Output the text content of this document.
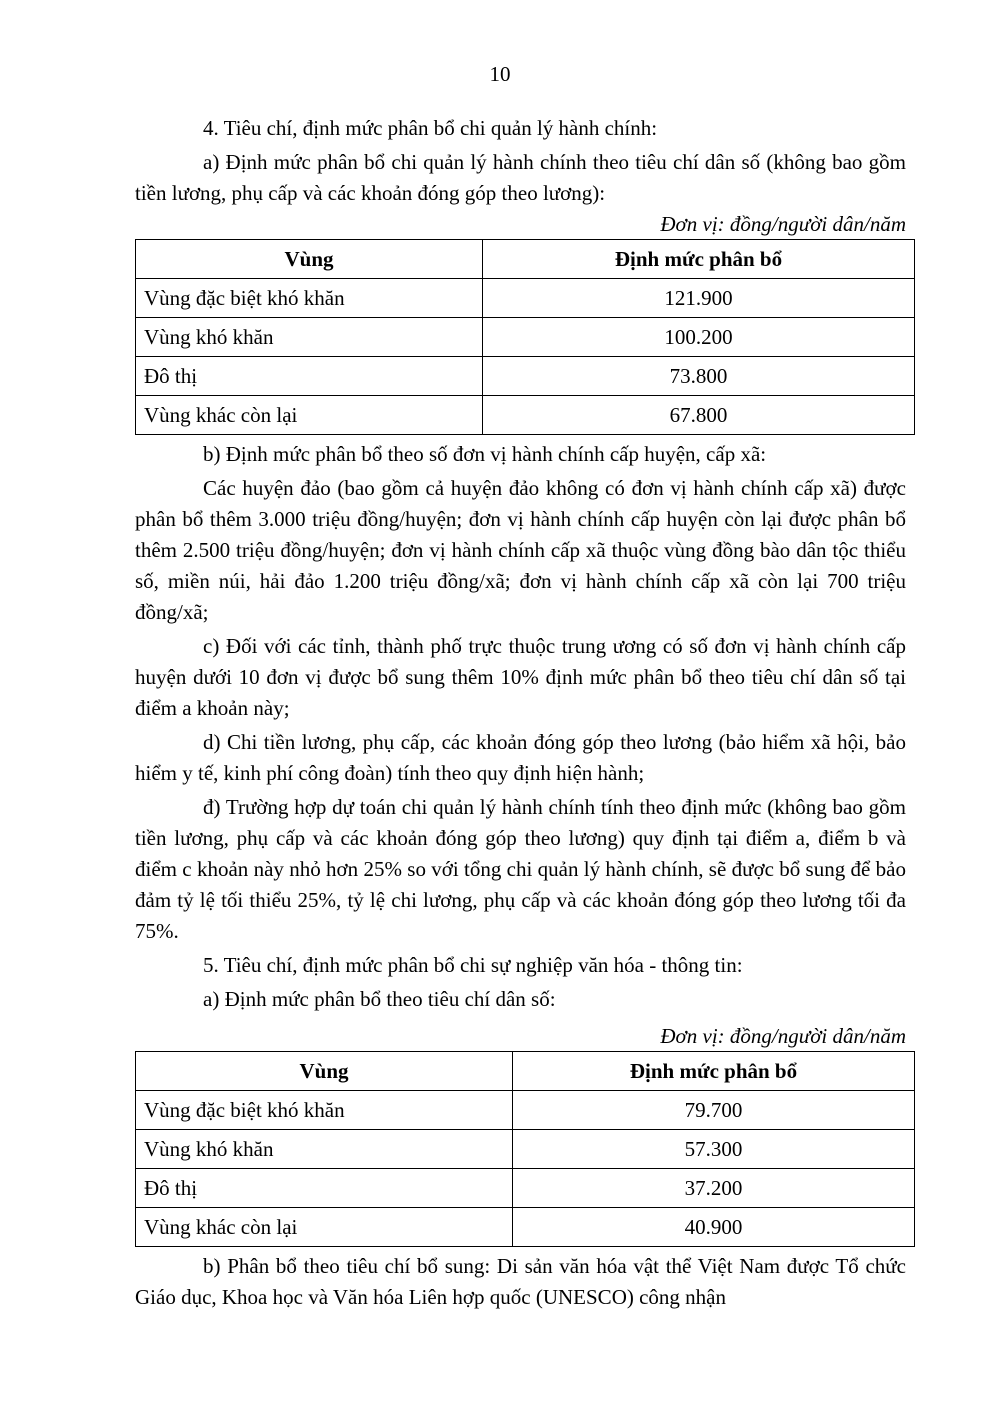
10

4. Tiêu chí, định mức phân bổ chi quản lý hành chính:

a) Định mức phân bổ chi quản lý hành chính theo tiêu chí dân số (không bao gồm tiền lương, phụ cấp và các khoản đóng góp theo lương):

Đơn vị: đồng/người dân/năm
Vùng	Định mức phân bổ
Vùng đặc biệt khó khăn	121.900
Vùng khó khăn	100.200
Đô thị	73.800
Vùng khác còn lại	67.800

b) Định mức phân bổ theo số đơn vị hành chính cấp huyện, cấp xã:

Các huyện đảo (bao gồm cả huyện đảo không có đơn vị hành chính cấp xã) được phân bổ thêm 3.000 triệu đồng/huyện; đơn vị hành chính cấp huyện còn lại được phân bổ thêm 2.500 triệu đồng/huyện; đơn vị hành chính cấp xã thuộc vùng đồng bào dân tộc thiểu số, miền núi, hải đảo 1.200 triệu đồng/xã; đơn vị hành chính cấp xã còn lại 700 triệu đồng/xã;

c) Đối với các tỉnh, thành phố trực thuộc trung ương có số đơn vị hành chính cấp huyện dưới 10 đơn vị được bổ sung thêm 10% định mức phân bổ theo tiêu chí dân số tại điểm a khoản này;

d) Chi tiền lương, phụ cấp, các khoản đóng góp theo lương (bảo hiểm xã hội, bảo hiểm y tế, kinh phí công đoàn) tính theo quy định hiện hành;

đ) Trường hợp dự toán chi quản lý hành chính tính theo định mức (không bao gồm tiền lương, phụ cấp và các khoản đóng góp theo lương) quy định tại điểm a, điểm b và điểm c khoản này nhỏ hơn 25% so với tổng chi quản lý hành chính, sẽ được bổ sung để bảo đảm tỷ lệ tối thiểu 25%, tỷ lệ chi lương, phụ cấp và các khoản đóng góp theo lương tối đa 75%.

5. Tiêu chí, định mức phân bổ chi sự nghiệp văn hóa - thông tin:

a) Định mức phân bổ theo tiêu chí dân số:

Đơn vị: đồng/người dân/năm
Vùng	Định mức phân bổ
Vùng đặc biệt khó khăn	79.700
Vùng khó khăn	57.300
Đô thị	37.200
Vùng khác còn lại	40.900

b) Phân bổ theo tiêu chí bổ sung: Di sản văn hóa vật thể Việt Nam được Tổ chức Giáo dục, Khoa học và Văn hóa Liên hợp quốc (UNESCO) công nhận
